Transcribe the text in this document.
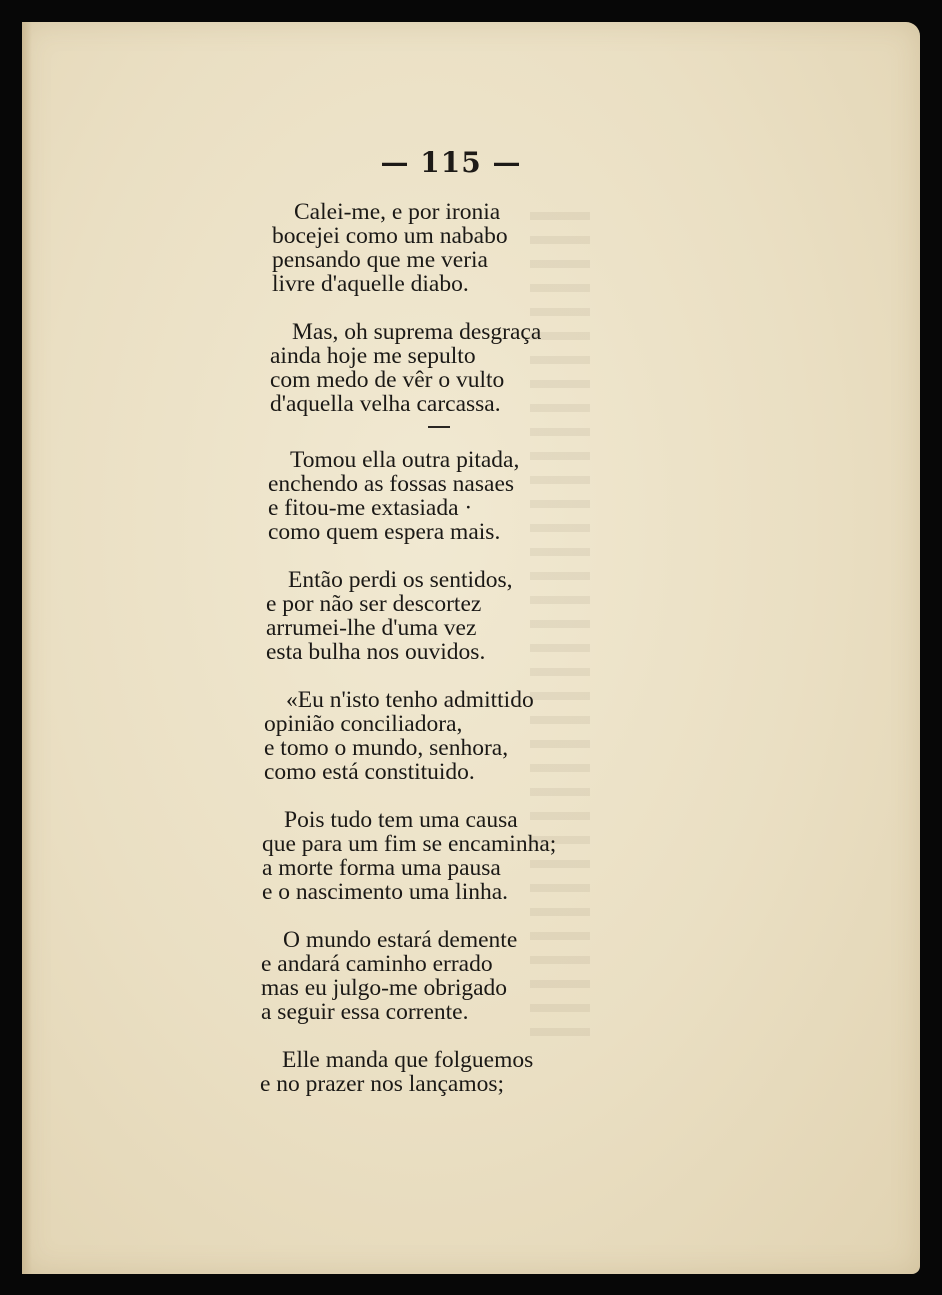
— 115 —
Calei-me, e por ironia
bocejei como um nababo
pensando que me veria
livre d'aquelle diabo.
Mas, oh suprema desgraça
ainda hoje me sepulto
com medo de vêr o vulto
d'aquella velha carcassa.
Tomou ella outra pitada,
enchendo as fossas nasaes
e fitou-me extasiada ·
como quem espera mais.
Então perdi os sentidos,
e por não ser descortez
arrumei-lhe d'uma vez
esta bulha nos ouvidos.
«Eu n'isto tenho admittido
opinião conciliadora,
e tomo o mundo, senhora,
como está constituido.
Pois tudo tem uma causa
que para um fim se encaminha;
a morte forma uma pausa
e o nascimento uma linha.
O mundo estará demente
e andará caminho errado
mas eu julgo-me obrigado
a seguir essa corrente.
Elle manda que folguemos
e no prazer nos lançamos;
